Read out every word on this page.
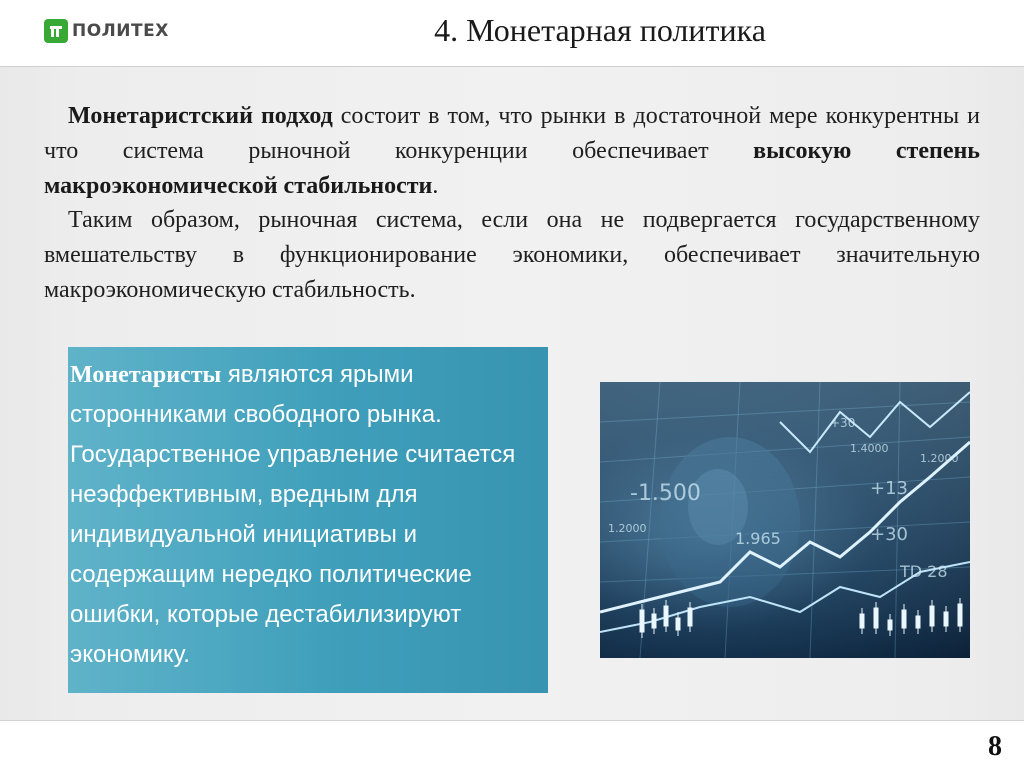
ПОЛИТЕХ	4. Монетарная политика

Монетаристский подход состоит в том, что рынки в достаточной мере конкурентны и что система рыночной конкуренции обеспечивает высокую степень макроэкономической стабильности.

Таким образом, рыночная система, если она не подвергается государственному вмешательству в функционирование экономики, обеспечивает значительную макроэкономическую стабильность.

Монетаристы являются ярыми сторонниками свободного рынка. Государственное управление считается неэффективным, вредным для индивидуальной инициативы и содержащим нередко политические ошибки, которые дестабилизируют экономику.

-1.500	+13
+30
1.965
1.2000
+30
1.4000
1.2000
TD 28
8
